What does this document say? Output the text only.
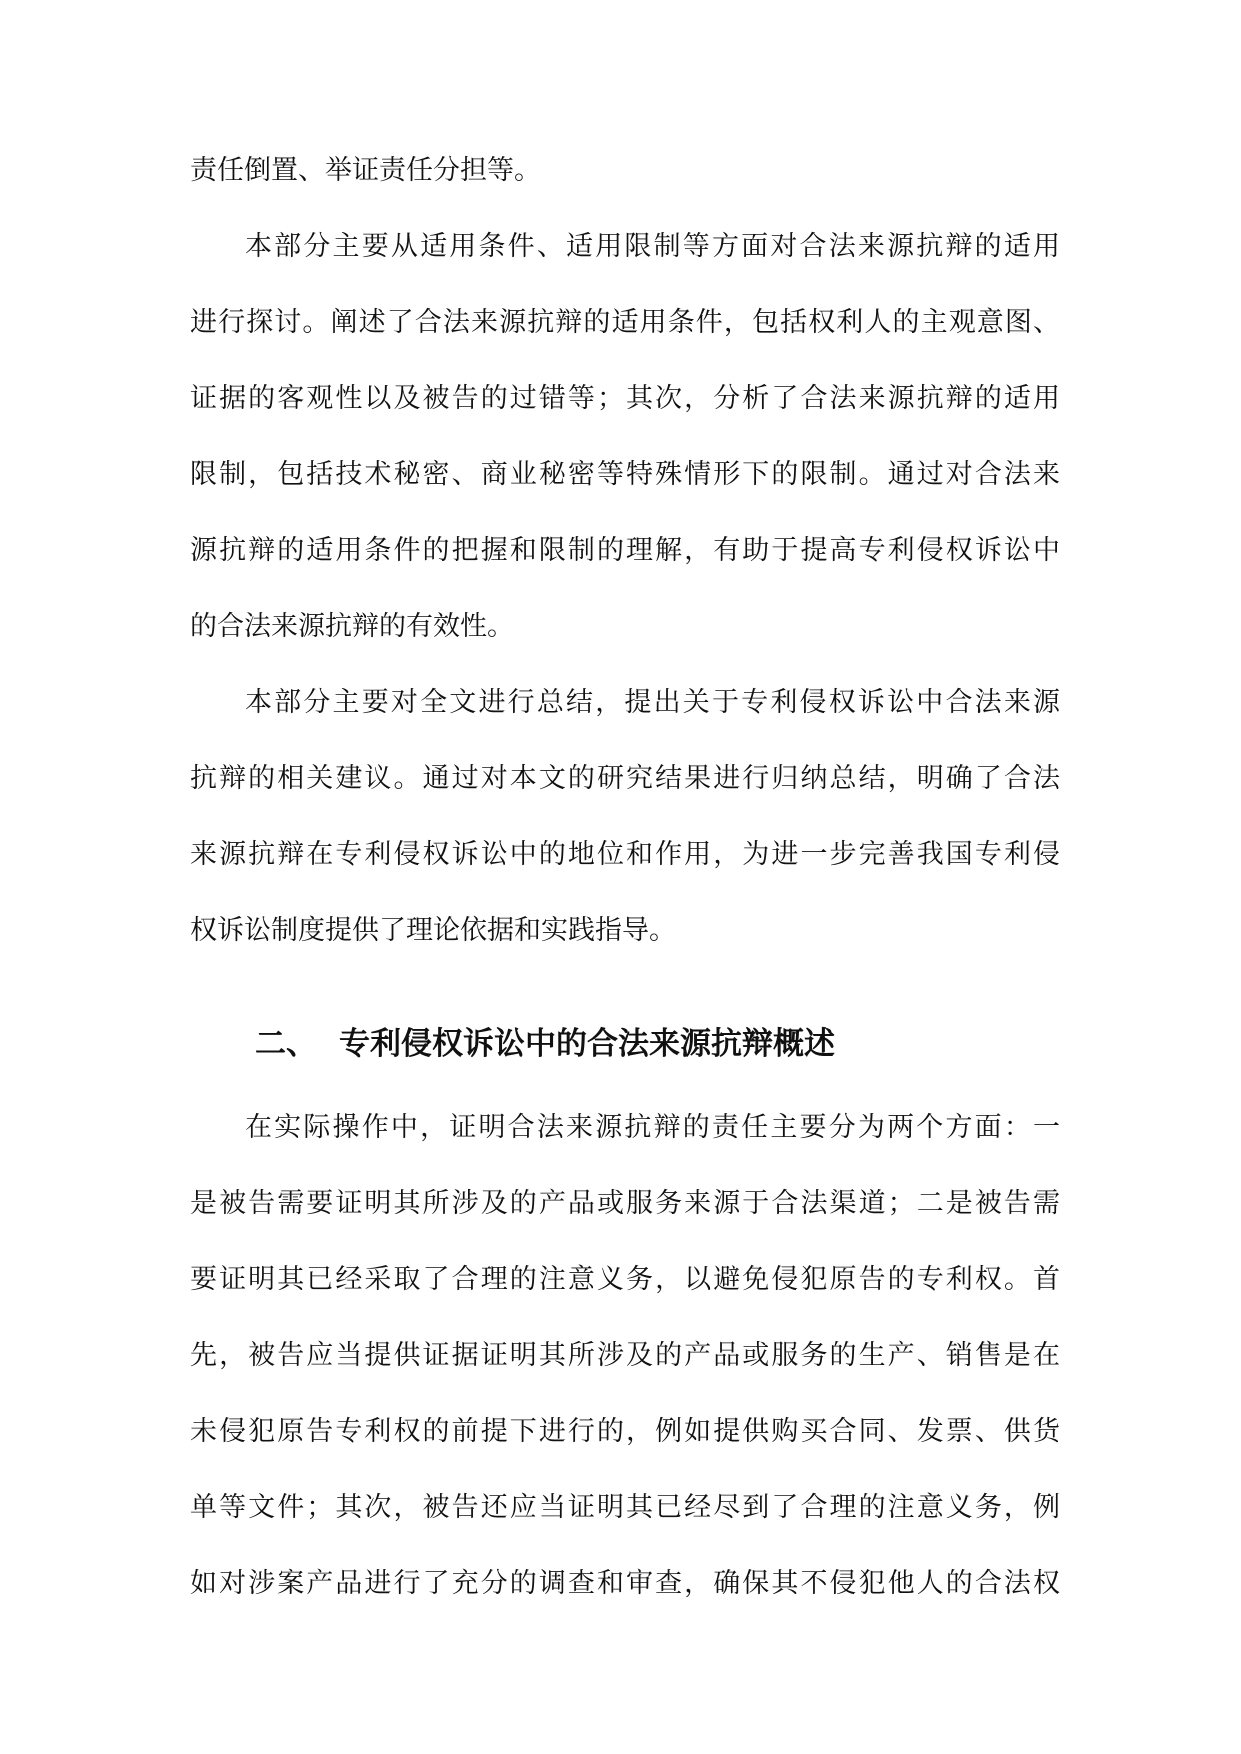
责任倒置、举证责任分担等。
本部分主要从适用条件、适用限制等方面对合法来源抗辩的适用
进行探讨。阐述了合法来源抗辩的适用条件，包括权利人的主观意图、
证据的客观性以及被告的过错等；其次，分析了合法来源抗辩的适用
限制，包括技术秘密、商业秘密等特殊情形下的限制。通过对合法来
源抗辩的适用条件的把握和限制的理解，有助于提高专利侵权诉讼中
的合法来源抗辩的有效性。
本部分主要对全文进行总结，提出关于专利侵权诉讼中合法来源
抗辩的相关建议。通过对本文的研究结果进行归纳总结，明确了合法
来源抗辩在专利侵权诉讼中的地位和作用，为进一步完善我国专利侵
权诉讼制度提供了理论依据和实践指导。
二、 专利侵权诉讼中的合法来源抗辩概述
在实际操作中，证明合法来源抗辩的责任主要分为两个方面：一
是被告需要证明其所涉及的产品或服务来源于合法渠道；二是被告需
要证明其已经采取了合理的注意义务，以避免侵犯原告的专利权。首
先，被告应当提供证据证明其所涉及的产品或服务的生产、销售是在
未侵犯原告专利权的前提下进行的，例如提供购买合同、发票、供货
单等文件；其次，被告还应当证明其已经尽到了合理的注意义务，例
如对涉案产品进行了充分的调查和审查，确保其不侵犯他人的合法权
